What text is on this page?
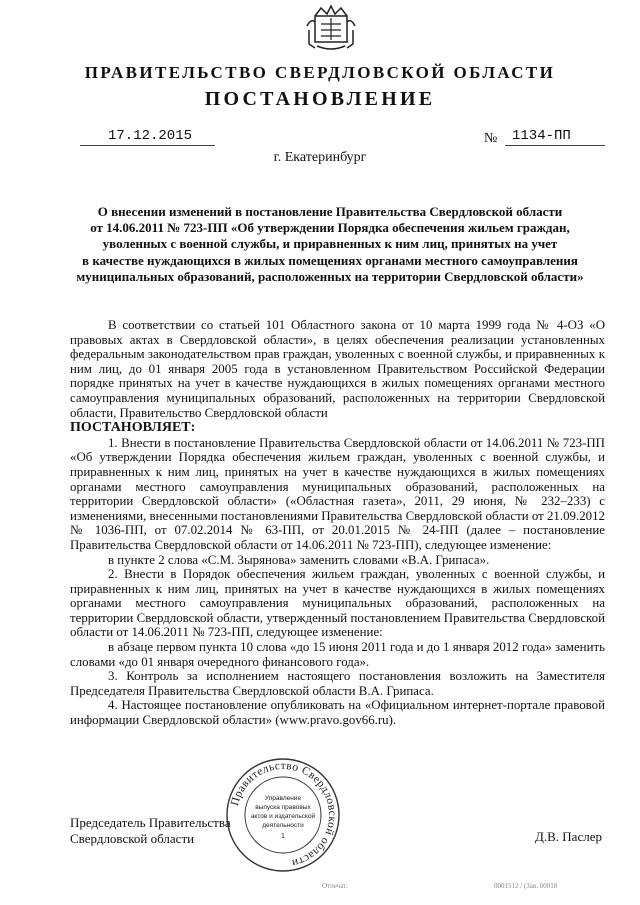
ПРАВИТЕЛЬСТВО СВЕРДЛОВСКОЙ ОБЛАСТИ
ПОСТАНОВЛЕНИЕ
17.12.2015	№ 1134-ПП
г. Екатеринбург
О внесении изменений в постановление Правительства Свердловской области
от 14.06.2011 № 723-ПП «Об утверждении Порядка обеспечения жильем граждан,
уволенных с военной службы, и приравненных к ним лиц, принятых на учет
в качестве нуждающихся в жилых помещениях органами местного самоуправления
муниципальных образований, расположенных на территории Свердловской области»

В соответствии со статьей 101 Областного закона от 10 марта 1999 года № 4-ОЗ «О правовых актах в Свердловской области», в целях обеспечения реализации установленных федеральным законодательством прав граждан, уволенных с военной службы, и приравненных к ним лиц, до 01 января 2005 года в установленном Правительством Российской Федерации порядке принятых на учет в качестве нуждающихся в жилых помещениях органами местного самоуправления муниципальных образований, расположенных на территории Свердловской области, Правительство Свердловской области

ПОСТАНОВЛЯЕТ:

1. Внести в постановление Правительства Свердловской области от 14.06.2011 № 723-ПП «Об утверждении Порядка обеспечения жильем граждан, уволенных с военной службы, и приравненных к ним лиц, принятых на учет в качестве нуждающихся в жилых помещениях органами местного самоуправления муниципальных образований, расположенных на территории Свердловской области» («Областная газета», 2011, 29 июня, № 232–233) с изменениями, внесенными постановлениями Правительства Свердловской области от 21.09.2012 № 1036-ПП, от 07.02.2014 № 63-ПП, от 20.01.2015 № 24-ПП (далее – постановление Правительства Свердловской области от 14.06.2011 № 723-ПП), следующее изменение:

в пункте 2 слова «С.М. Зырянова» заменить словами «В.А. Грипаса».

2. Внести в Порядок обеспечения жильем граждан, уволенных с военной службы, и приравненных к ним лиц, принятых на учет в качестве нуждающихся в жилых помещениях органами местного самоуправления муниципальных образований, расположенных на территории Свердловской области, утвержденный постановлением Правительства Свердловской области от 14.06.2011 № 723-ПП, следующее изменение:

в абзаце первом пункта 10 слова «до 15 июня 2011 года и до 1 января 2012 года» заменить словами «до 01 января очередного финансового года».

3. Контроль за исполнением настоящего постановления возложить на Заместителя Председателя Правительства Свердловской области В.А. Грипаса.

4. Настоящее постановление опубликовать на «Официальном интернет-портале правовой информации Свердловской области» (www.pravo.gov66.ru).

Правительство Свердловской области
Управление
выпуска правовых
актов и издательской
деятельности
1
Председатель Правительства
Свердловской области	Д.В. Паслер
Отпечат.	0001512 / (3ав. 00018
